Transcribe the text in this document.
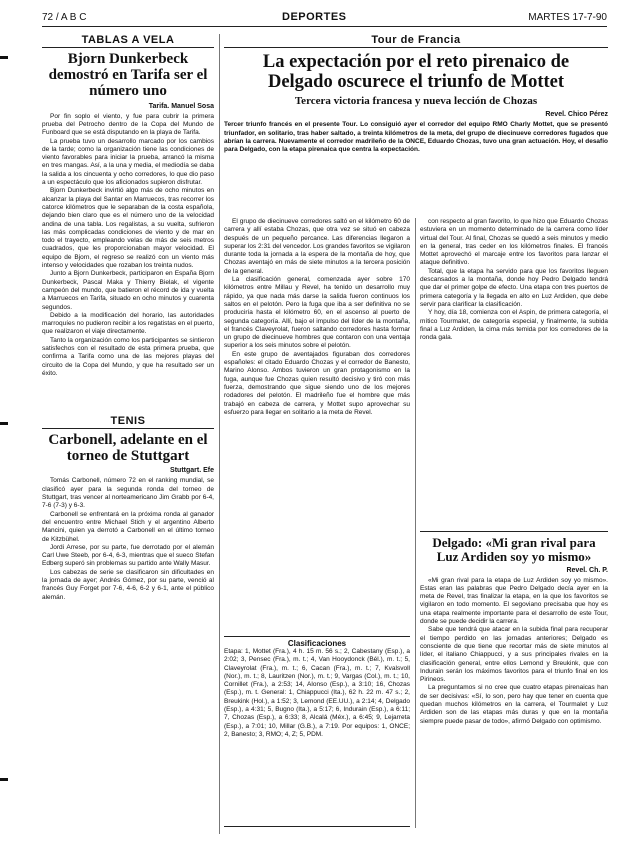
72 / A B C	DEPORTES	MARTES 17-7-90
TABLAS A VELA
Bjorn Dunkerbeck demostró en Tarifa ser el número uno
Tarifa. Manuel Sosa

Por fin soplo el viento, y fue para cubrir la primera prueba del Petrocho dentro de la Copa del Mundo de Funboard que se está disputando en la playa de Tarifa.

La prueba tuvo un desarrollo marcado por los cambios de la tarde; como la organización tiene las condiciones de viento favorables para iniciar la prueba, arrancó la misma en tres mangas. Así, a la una y media, el mediodía se daba la salida a los cincuenta y ocho corredores, lo que dio paso a un espectáculo que los aficionados supieron disfrutar.

Bjorn Dunkerbeck invirtió algo más de ocho minutos en alcanzar la playa del Santar en Marruecos, tras recorrer los catorce kilómetros que le separaban de la costa española, dejando bien claro que es el número uno de la velocidad andina de una tabla. Los regalistas, a su vuelta, sufrieron las más complicadas condiciones de viento y de mar en todo el trayecto, empleando velas de más de seis metros cuadrados, que les proporcionaban mayor velocidad. El equipo de Bjorn, el regreso se realizó con un viento más intenso y velocidades que rozaban los treinta nudos.

Junto a Bjorn Dunkerbeck, participaron en España Bjorn Dunkerbeck, Pascal Maka y Thierry Bielak, el vigente campeón del mundo, que batieron el récord de ida y vuelta a Marruecos en Tarifa, situado en ocho minutos y cuarenta segundos.

Debido a la modificación del horario, las autoridades marroquíes no pudieron recibir a los regatistas en el puerto, que realizaron el viaje directamente.

Tanto la organización como los participantes se sintieron satisfechos con el resultado de esta primera prueba, que confirma a Tarifa como una de las mejores playas del circuito de la Copa del Mundo, y que ha resultado ser un éxito.

TENIS
Carbonell, adelante en el torneo de Stuttgart
Stuttgart. Efe

Tomás Carbonell, número 72 en el ranking mundial, se clasificó ayer para la segunda ronda del torneo de Stuttgart, tras vencer al norteamericano Jim Grabb por 6-4, 7-6 (7-3) y 6-3.

Carbonell se enfrentará en la próxima ronda al ganador del encuentro entre Michael Stich y el argentino Alberto Mancini, quien ya derrotó a Carbonell en el último torneo de Kitzbühel.

Jordi Arrese, por su parte, fue derrotado por el alemán Carl Uwe Steeb, por 6-4, 6-3, mientras que el sueco Stefan Edberg superó sin problemas su partido ante Wally Masur.

Los cabezas de serie se clasificaron sin dificultades en la jornada de ayer; Andrés Gómez, por su parte, venció al francés Guy Forget por 7-6, 4-6, 6-2 y 6-1, ante el público alemán.

Tour de Francia
La expectación por el reto pirenaico de Delgado oscurece el triunfo de Mottet
Tercera victoria francesa y nueva lección de Chozas
Revel. Chico Pérez
Tercer triunfo francés en el presente Tour. Lo consiguió ayer el corredor del equipo RMO Charly Mottet, que se presentó triunfador, en solitario, tras haber saltado, a treinta kilómetros de la meta, del grupo de diecinueve corredores fugados que abrían la carrera. Nuevamente el corredor madrileño de la ONCE, Eduardo Chozas, tuvo una gran actuación. Hoy, el desafío para Delgado, con la etapa pirenaica que centra la expectación.

El grupo de diecinueve corredores saltó en el kilómetro 60 de carrera y allí estaba Chozas, que otra vez se situó en cabeza después de un pequeño percance. Las diferencias llegaron a superar los 2:31 del vencedor. Los grandes favoritos se vigilaron durante toda la jornada a la espera de la montaña de hoy, que Chozas aventajó en más de siete minutos a la tercera posición de la general.

La clasificación general, comenzada ayer sobre 170 kilómetros entre Millau y Revel, ha tenido un desarrollo muy rápido, ya que nada más darse la salida fueron continuos los saltos en el pelotón. Pero la fuga que iba a ser definitiva no se produciría hasta el kilómetro 60, en el ascenso al puerto de segunda categoría. Allí, bajo el impulso del líder de la montaña, el francés Claveyrolat, fueron saltando corredores hasta formar un grupo de diecinueve hombres que contaron con una ventaja superior a los seis minutos sobre el pelotón.

En este grupo de aventajados figuraban dos corredores españoles: el citado Eduardo Chozas y el corredor de Banesto, Marino Alonso. Ambos tuvieron un gran protagonismo en la fuga, aunque fue Chozas quien resultó decisivo y tiró con más fuerza, demostrando que sigue siendo uno de los mejores rodadores del pelotón. El madrileño fue el hombre que más trabajó en cabeza de carrera, y Mottet supo aprovechar su esfuerzo para llegar en solitario a la meta de Revel.

Clasificaciones
Etapa: 1, Mottet (Fra.), 4 h. 15 m. 56 s.; 2, Cabestany (Esp.), a 2:02; 3, Pensec (Fra.), m. t.; 4, Van Hooydonck (Bél.), m. t.; 5, Claveyrolat (Fra.), m. t.; 6, Cacan (Fra.), m. t.; 7, Kvalsvoll (Nor.), m. t.; 8, Lauritzen (Nor.), m. t.; 9, Vargas (Col.), m. t.; 10, Cornillet (Fra.), a 2:53; 14, Alonso (Esp.), a 3:10; 16, Chozas (Esp.), m. t. General: 1, Chiappucci (Ita.), 62 h. 22 m. 47 s.; 2, Breukink (Hol.), a 1:52; 3, Lemond (EE.UU.), a 2:14; 4, Delgado (Esp.), a 4:31; 5, Bugno (Ita.), a 5:17; 6, Indurain (Esp.), a 6:11; 7, Chozas (Esp.), a 6:33; 8, Alcalá (Méx.), a 6:45; 9, Lejarreta (Esp.), a 7:01; 10, Millar (G.B.), a 7:19. Por equipos: 1, ONCE; 2, Banesto; 3, RMO; 4, Z; 5, PDM.

con respecto al gran favorito, lo que hizo que Eduardo Chozas estuviera en un momento determinado de la carrera como líder virtual del Tour. Al final, Chozas se quedó a seis minutos y medio en la general, tras ceder en los kilómetros finales. El francés Mottet aprovechó el marcaje entre los favoritos para lanzar el ataque definitivo.

Total, que la etapa ha servido para que los favoritos lleguen descansados a la montaña, donde hoy Pedro Delgado tendrá que dar el primer golpe de efecto. Una etapa con tres puertos de primera categoría y la llegada en alto en Luz Ardiden, que debe servir para clarificar la clasificación.

Y hoy, día 18, comienza con el Aspin, de primera categoría, el mítico Tourmalet, de categoría especial, y finalmente, la subida final a Luz Ardiden, la cima más temida por los corredores de la ronda gala.

Delgado: «Mi gran rival para Luz Ardiden soy yo mismo»
Revel. Ch. P.

«Mi gran rival para la etapa de Luz Ardiden soy yo mismo». Estas eran las palabras que Pedro Delgado decía ayer en la meta de Revel, tras finalizar la etapa, en la que los favoritos se vigilaron en todo momento. El segoviano precisaba que hoy es una etapa realmente importante para el desarrollo de este Tour, donde se puede decidir la carrera.

Sabe que tendrá que atacar en la subida final para recuperar el tiempo perdido en las jornadas anteriores; Delgado es consciente de que tiene que recortar más de siete minutos al líder, el italiano Chiappucci, y a sus principales rivales en la clasificación general, entre ellos Lemond y Breukink, que con Indurain serán los máximos favoritos para el triunfo final en los Pirineos.

La preguntamos si no cree que cuatro etapas pirenaicas han de ser decisivas: «Sí, lo son, pero hay que tener en cuenta que quedan muchos kilómetros en la carrera, el Tourmalet y Luz Ardiden son de las etapas más duras y que en la montaña siempre puede pasar de todo», afirmó Delgado con optimismo.
